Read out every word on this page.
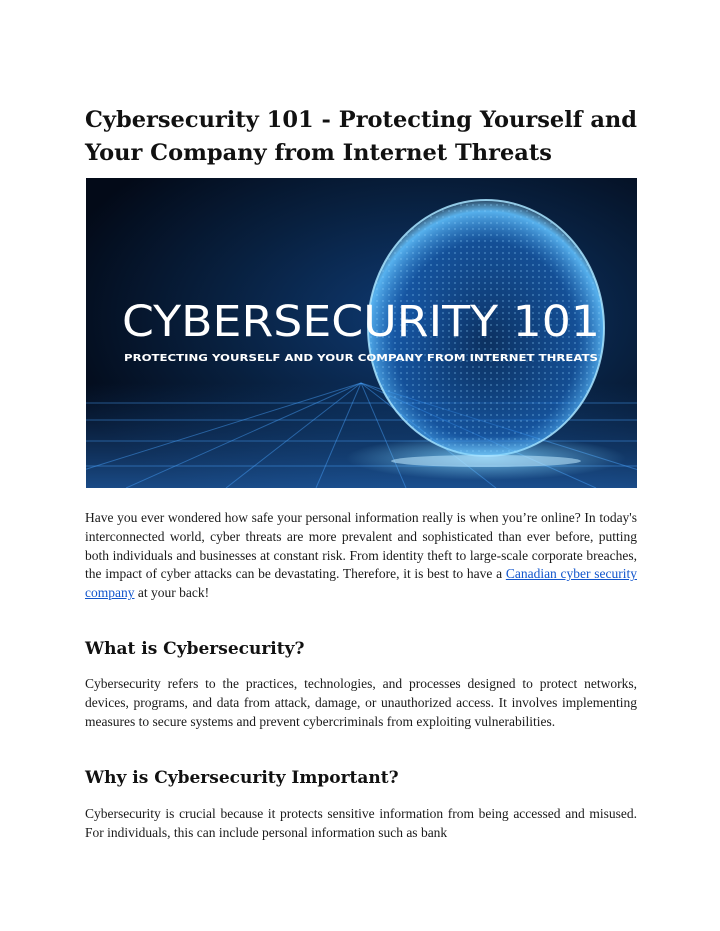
Cybersecurity 101 - Protecting Yourself and Your Company from Internet Threats
CYBERSECURITY 101
PROTECTING YOURSELF AND YOUR COMPANY FROM INTERNET THREATS

Have you ever wondered how safe your personal information really is when you’re online? In today's interconnected world, cyber threats are more prevalent and sophisticated than ever before, putting both individuals and businesses at constant risk. From identity theft to large-scale corporate breaches, the impact of cyber attacks can be devastating. Therefore, it is best to have a Canadian cyber security company at your back!

What is Cybersecurity?

Cybersecurity refers to the practices, technologies, and processes designed to protect networks, devices, programs, and data from attack, damage, or unauthorized access. It involves implementing measures to secure systems and prevent cybercriminals from exploiting vulnerabilities.

Why is Cybersecurity Important?

Cybersecurity is crucial because it protects sensitive information from being accessed and misused. For individuals, this can include personal information such as bank
